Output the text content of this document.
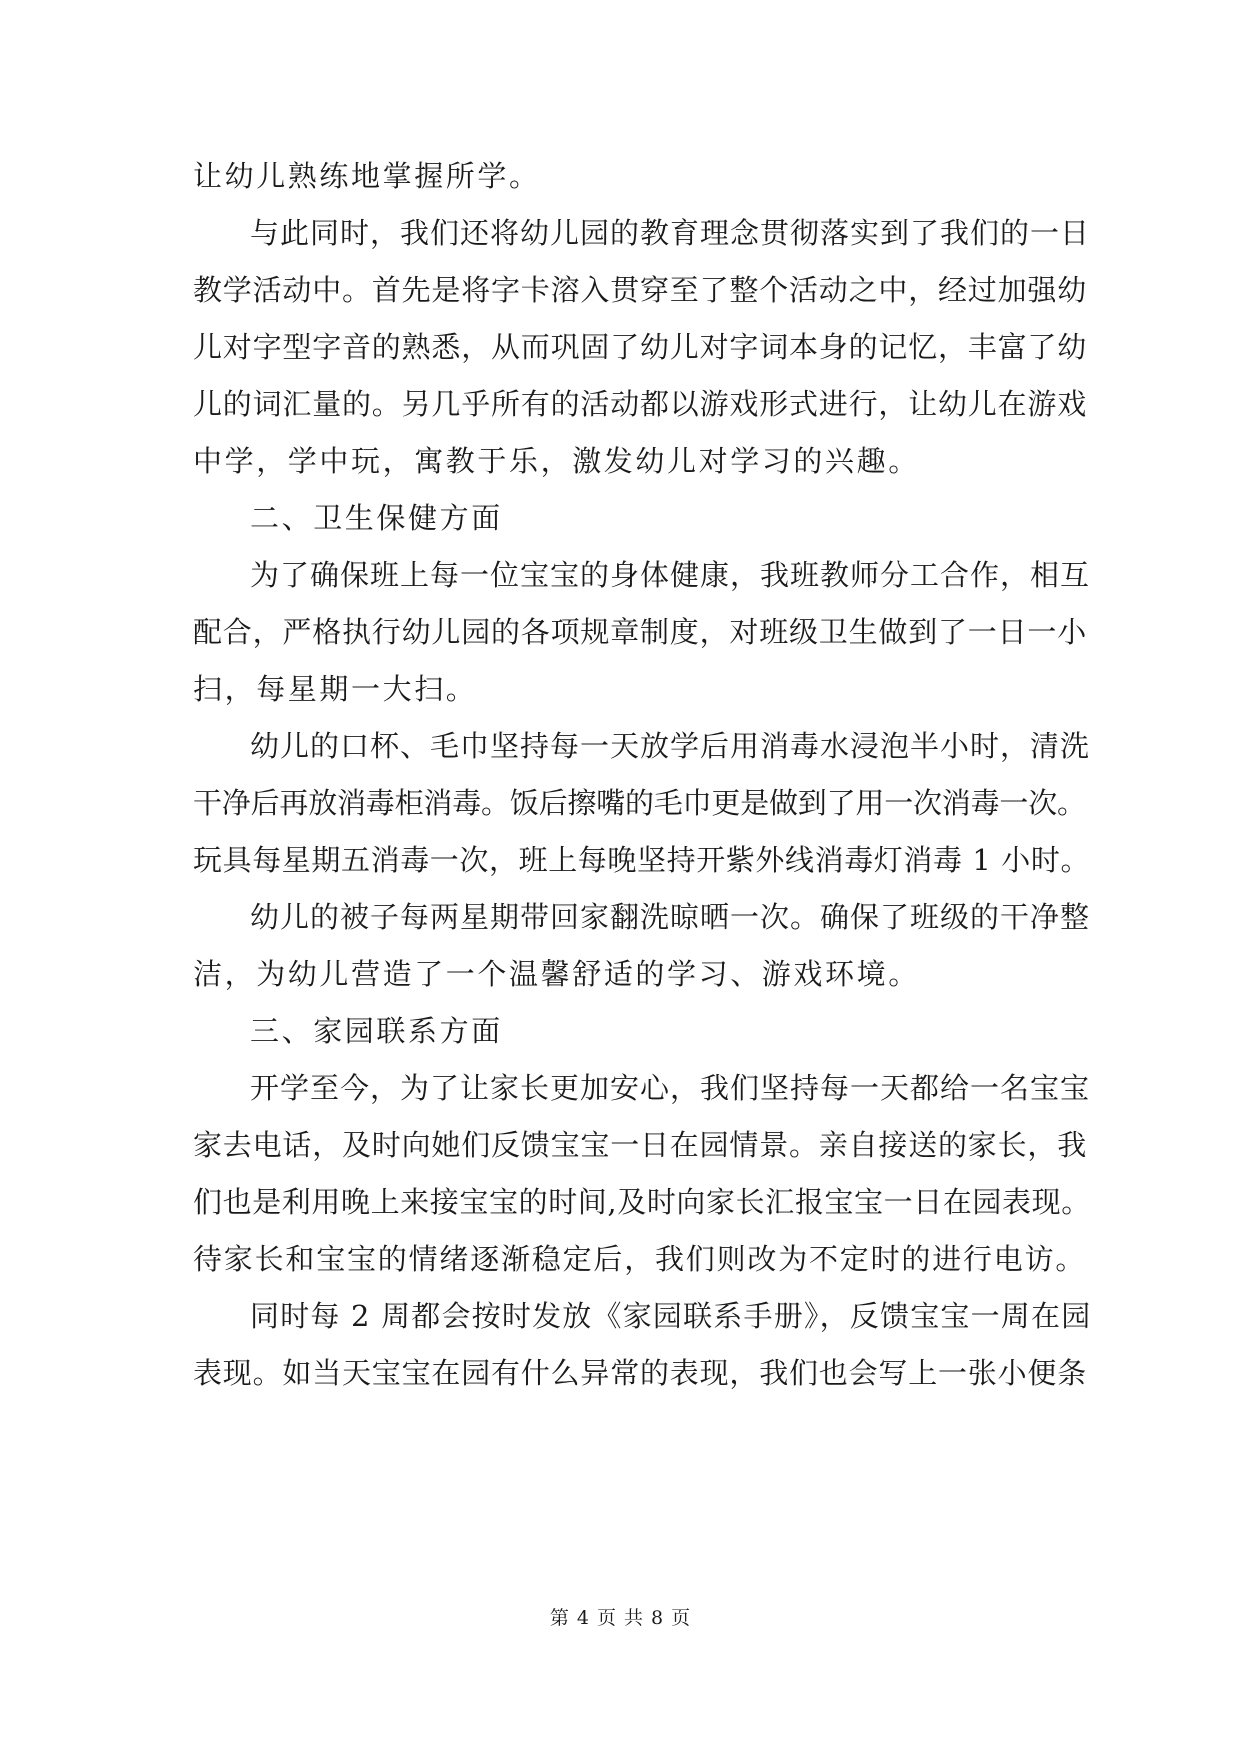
让幼儿熟练地掌握所学。
与此同时，我们还将幼儿园的教育理念贯彻落实到了我们的一日
教学活动中。首先是将字卡溶入贯穿至了整个活动之中，经过加强幼
儿对字型字音的熟悉，从而巩固了幼儿对字词本身的记忆，丰富了幼
儿的词汇量的。另几乎所有的活动都以游戏形式进行，让幼儿在游戏
中学，学中玩，寓教于乐，激发幼儿对学习的兴趣。
二、卫生保健方面
为了确保班上每一位宝宝的身体健康，我班教师分工合作，相互
配合，严格执行幼儿园的各项规章制度，对班级卫生做到了一日一小
扫，每星期一大扫。
幼儿的口杯、毛巾坚持每一天放学后用消毒水浸泡半小时，清洗
干净后再放消毒柜消毒。饭后擦嘴的毛巾更是做到了用一次消毒一次。
玩具每星期五消毒一次，班上每晚坚持开紫外线消毒灯消毒 1 小时。
幼儿的被子每两星期带回家翻洗晾晒一次。确保了班级的干净整
洁，为幼儿营造了一个温馨舒适的学习、游戏环境。
三、家园联系方面
开学至今，为了让家长更加安心，我们坚持每一天都给一名宝宝
家去电话，及时向她们反馈宝宝一日在园情景。亲自接送的家长，我
们也是利用晚上来接宝宝的时间,及时向家长汇报宝宝一日在园表现。
待家长和宝宝的情绪逐渐稳定后，我们则改为不定时的进行电访。
同时每 2 周都会按时发放《家园联系手册》，反馈宝宝一周在园
表现。如当天宝宝在园有什么异常的表现，我们也会写上一张小便条
第 4 页 共 8 页
